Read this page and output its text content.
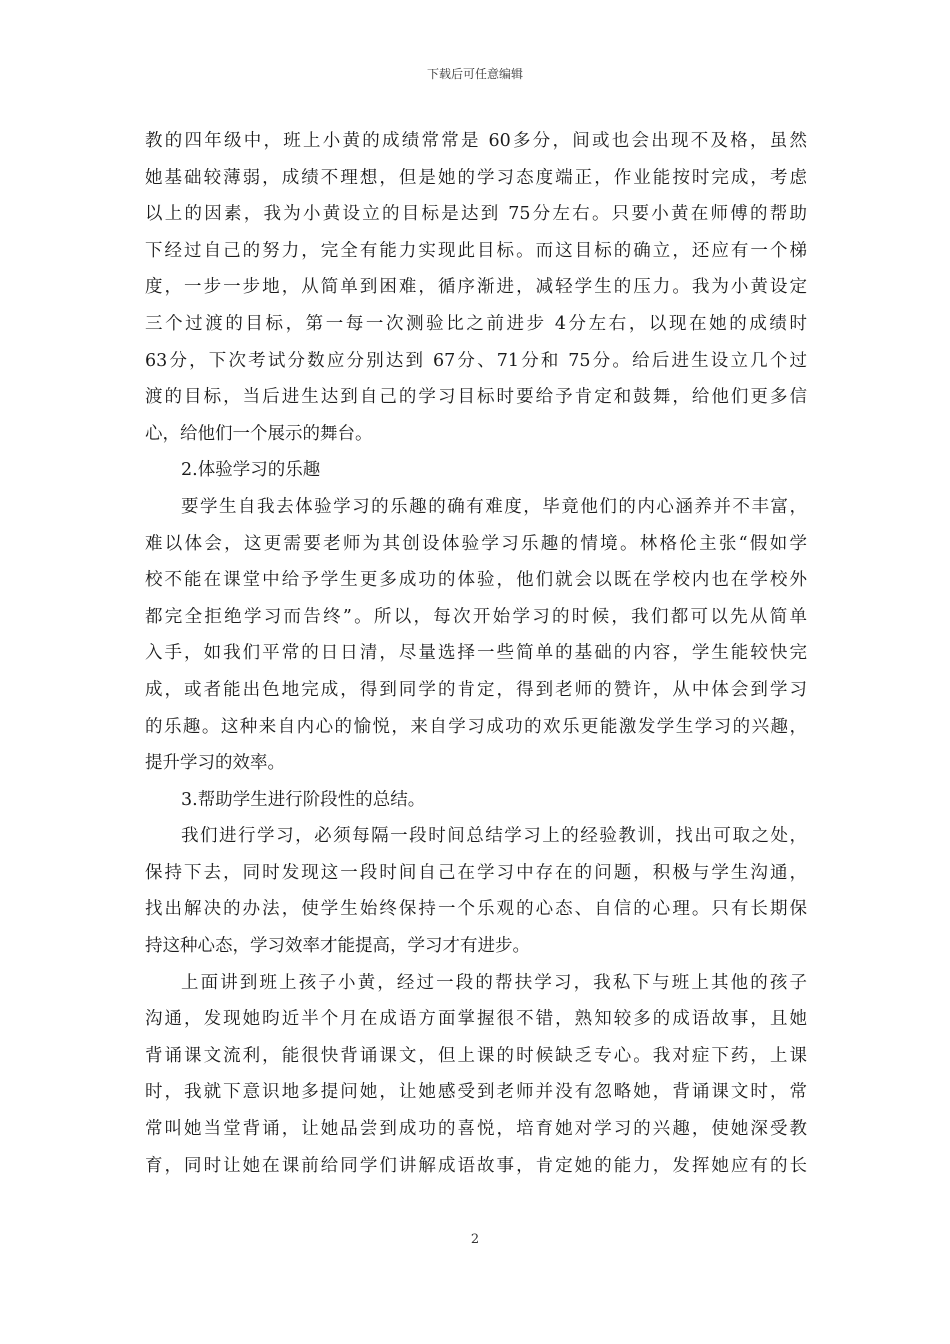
下载后可任意编辑
教的四年级中，班上小黄的成绩常常是 60多分，间或也会出现不及格，虽然
她基础较薄弱，成绩不理想，但是她的学习态度端正，作业能按时完成，考虑
以上的因素，我为小黄设立的目标是达到 75分左右。只要小黄在师傅的帮助
下经过自己的努力，完全有能力实现此目标。而这目标的确立，还应有一个梯
度，一步一步地，从简单到困难，循序渐进，减轻学生的压力。我为小黄设定
三个过渡的目标，第一每一次测验比之前进步 4分左右，以现在她的成绩时
63分，下次考试分数应分别达到 67分、71分和 75分。给后进生设立几个过
渡的目标，当后进生达到自己的学习目标时要给予肯定和鼓舞，给他们更多信
心，给他们一个展示的舞台。
2.体验学习的乐趣
要学生自我去体验学习的乐趣的确有难度，毕竟他们的内心涵养并不丰富，
难以体会，这更需要老师为其创设体验学习乐趣的情境。林格伦主张“假如学
校不能在课堂中给予学生更多成功的体验，他们就会以既在学校内也在学校外
都完全拒绝学习而告终”。所以，每次开始学习的时候，我们都可以先从简单
入手，如我们平常的日日清，尽量选择一些简单的基础的内容，学生能较快完
成，或者能出色地完成，得到同学的肯定，得到老师的赞许，从中体会到学习
的乐趣。这种来自内心的愉悦，来自学习成功的欢乐更能激发学生学习的兴趣，
提升学习的效率。
3.帮助学生进行阶段性的总结。
我们进行学习，必须每隔一段时间总结学习上的经验教训，找出可取之处，
保持下去，同时发现这一段时间自己在学习中存在的问题，积极与学生沟通，
找出解决的办法，使学生始终保持一个乐观的心态、自信的心理。只有长期保
持这种心态，学习效率才能提高，学习才有进步。
上面讲到班上孩子小黄，经过一段的帮扶学习，我私下与班上其他的孩子
沟通，发现她昀近半个月在成语方面掌握很不错，熟知较多的成语故事，且她
背诵课文流利，能很快背诵课文，但上课的时候缺乏专心。我对症下药，上课
时，我就下意识地多提问她，让她感受到老师并没有忽略她，背诵课文时，常
常叫她当堂背诵，让她品尝到成功的喜悦，培育她对学习的兴趣，使她深受教
育，同时让她在课前给同学们讲解成语故事，肯定她的能力，发挥她应有的长
2
